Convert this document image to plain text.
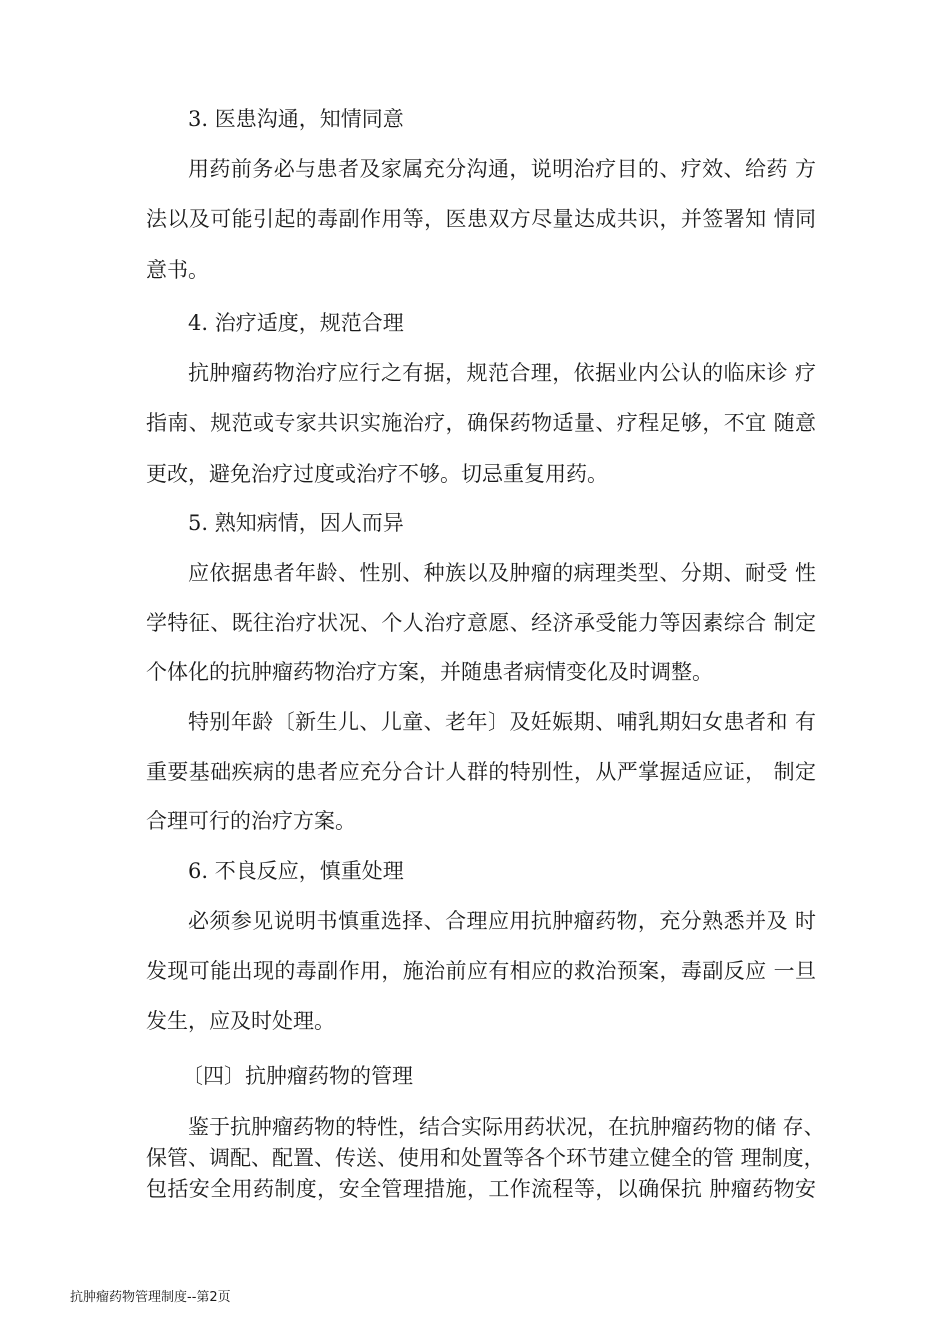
3. 医患沟通，知情同意
用药前务必与患者及家属充分沟通，说明治疗目的、疗效、给药 方
法以及可能引起的毒副作用等，医患双方尽量达成共识，并签署知 情同
意书。
4. 治疗适度，规范合理
抗肿瘤药物治疗应行之有据，规范合理，依据业内公认的临床诊 疗
指南、规范或专家共识实施治疗，确保药物适量、疗程足够，不宜 随意
更改，避免治疗过度或治疗不够。切忌重复用药。
5. 熟知病情，因人而异
应依据患者年龄、性别、种族以及肿瘤的病理类型、分期、耐受 性
学特征、既往治疗状况、个人治疗意愿、经济承受能力等因素综合 制定
个体化的抗肿瘤药物治疗方案，并随患者病情变化及时调整。
特别年龄〔新生儿、儿童、老年〕及妊娠期、哺乳期妇女患者和 有
重要基础疾病的患者应充分合计人群的特别性，从严掌握适应证， 制定
合理可行的治疗方案。
6. 不良反应，慎重处理
必须参见说明书慎重选择、合理应用抗肿瘤药物，充分熟悉并及 时
发现可能出现的毒副作用，施治前应有相应的救治预案，毒副反应 一旦
发生，应及时处理。
〔四〕抗肿瘤药物的管理
鉴于抗肿瘤药物的特性，结合实际用药状况，在抗肿瘤药物的储 存、
保管、调配、配置、传送、使用和处置等各个环节建立健全的管 理制度，
包括安全用药制度，安全管理措施，工作流程等，以确保抗 肿瘤药物安
抗肿瘤药物管理制度--第2页
